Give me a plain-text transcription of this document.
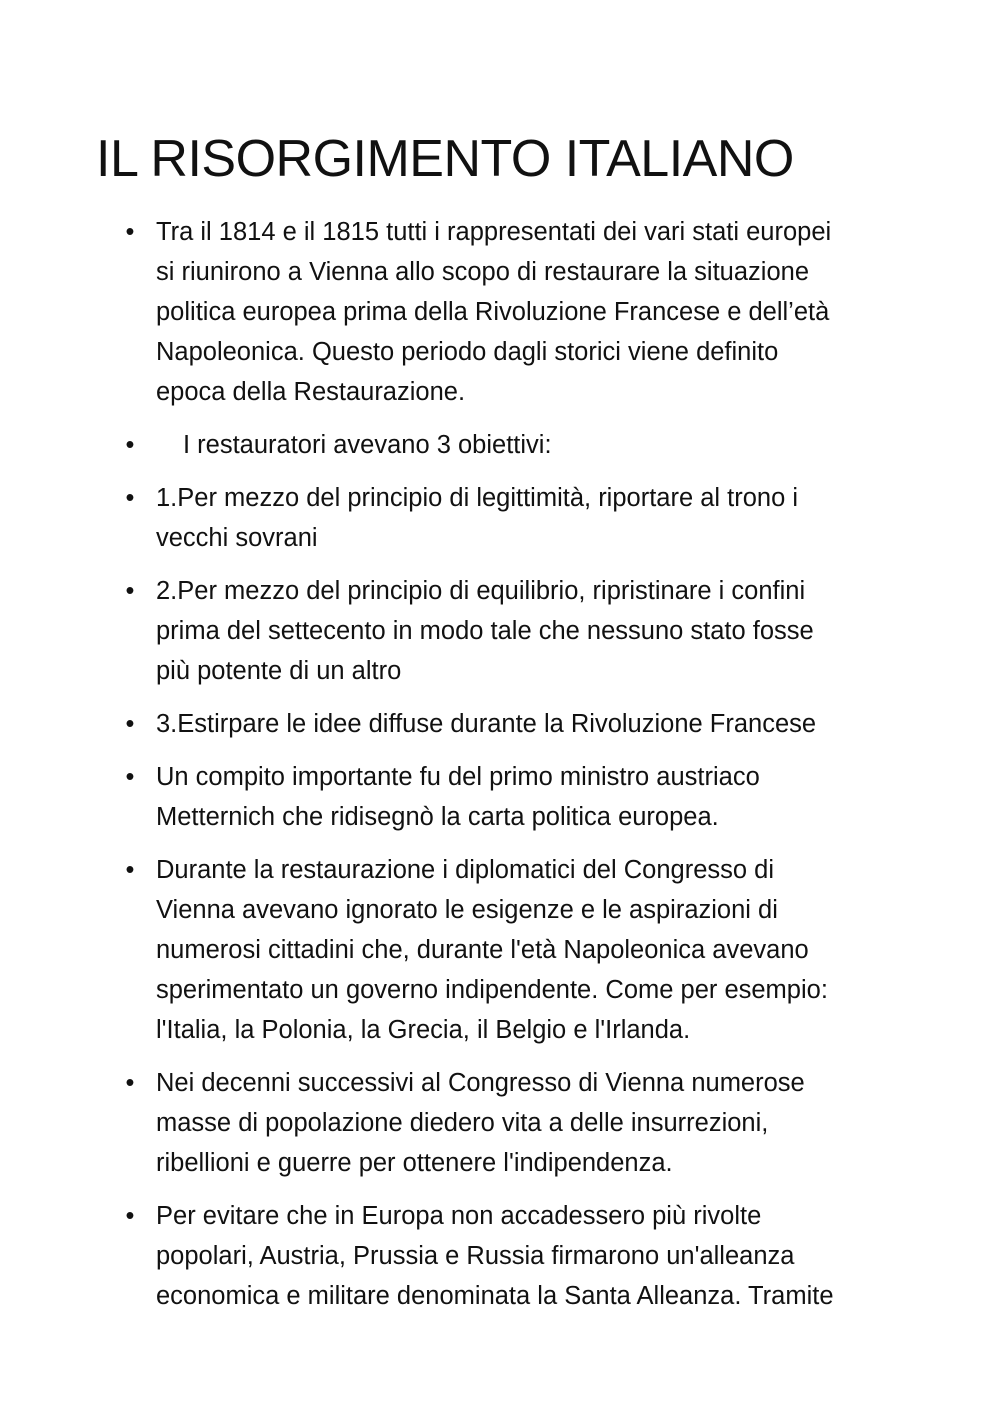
IL RISORGIMENTO ITALIANO
• Tra il 1814 e il 1815 tutti i rappresentati dei vari stati europei
si riunirono a Vienna allo scopo di restaurare la situazione
politica europea prima della Rivoluzione Francese e dell’età
Napoleonica. Questo periodo dagli storici viene definito
epoca della Restaurazione.
• I restauratori avevano 3 obiettivi:
• 1.Per mezzo del principio di legittimità, riportare al trono i
vecchi sovrani
• 2.Per mezzo del principio di equilibrio, ripristinare i confini
prima del settecento in modo tale che nessuno stato fosse
più potente di un altro
• 3.Estirpare le idee diffuse durante la Rivoluzione Francese
• Un compito importante fu del primo ministro austriaco
Metternich che ridisegnò la carta politica europea.
• Durante la restaurazione i diplomatici del Congresso di
Vienna avevano ignorato le esigenze e le aspirazioni di
numerosi cittadini che, durante l'età Napoleonica avevano
sperimentato un governo indipendente. Come per esempio:
l'Italia, la Polonia, la Grecia, il Belgio e l'Irlanda.
• Nei decenni successivi al Congresso di Vienna numerose
masse di popolazione diedero vita a delle insurrezioni,
ribellioni e guerre per ottenere l'indipendenza.
• Per evitare che in Europa non accadessero più rivolte
popolari, Austria, Prussia e Russia firmarono un'alleanza
economica e militare denominata la Santa Alleanza. Tramite
